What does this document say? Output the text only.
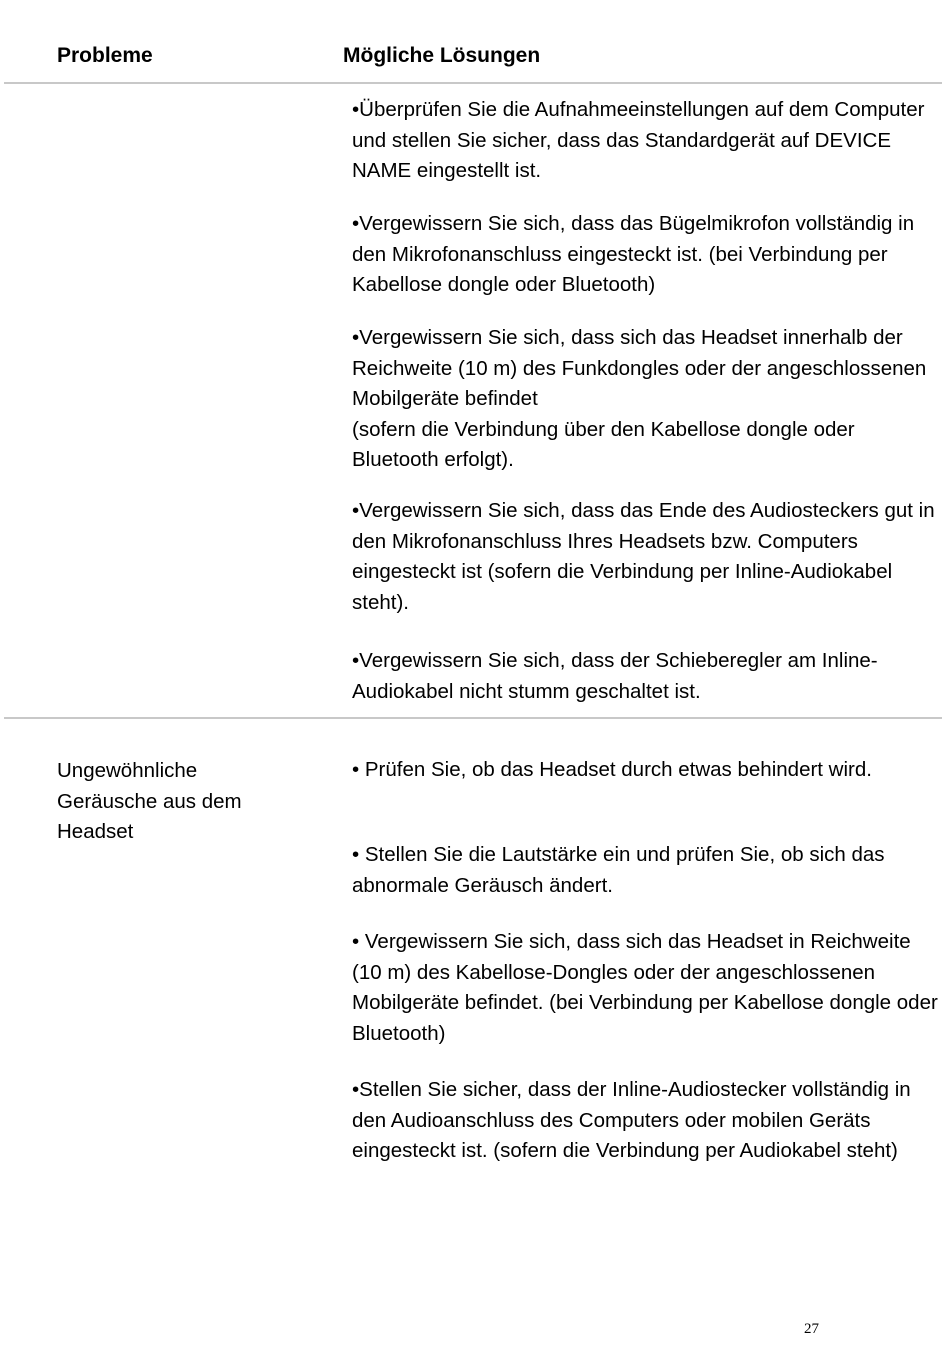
Probleme	Mögliche Lösungen

•Überprüfen Sie die Aufnahmeeinstellungen auf dem Computer und stellen Sie sicher, dass das Standardgerät auf DEVICE NAME eingestellt ist.

•Vergewissern Sie sich, dass das Bügelmikrofon vollständig in den Mikrofonanschluss eingesteckt ist. (bei Verbindung per Kabellose dongle oder Bluetooth)

•Vergewissern Sie sich, dass sich das Headset innerhalb der Reichweite (10 m) des Funkdongles oder der angeschlossenen Mobilgeräte befindet
(sofern die Verbindung über den Kabellose dongle oder Bluetooth erfolgt).

•Vergewissern Sie sich, dass das Ende des Audiosteckers gut in den Mikrofonanschluss Ihres Headsets bzw. Computers eingesteckt ist (sofern die Verbindung per Inline-Audiokabel steht).

•Vergewissern Sie sich, dass der Schieberegler am Inline-Audiokabel nicht stumm geschaltet ist.

Ungewöhnliche Geräusche aus dem Headset

• Prüfen Sie, ob das Headset durch etwas behindert wird.

• Stellen Sie die Lautstärke ein und prüfen Sie, ob sich das abnormale Geräusch ändert.

• Vergewissern Sie sich, dass sich das Headset in Reichweite (10 m) des Kabellose-Dongles oder der angeschlossenen Mobilgeräte befindet. (bei Verbindung per Kabellose dongle oder Bluetooth)

•Stellen Sie sicher, dass der Inline-Audiostecker vollständig in den Audioanschluss des Computers oder mobilen Geräts eingesteckt ist. (sofern die Verbindung per Audiokabel steht)

27
